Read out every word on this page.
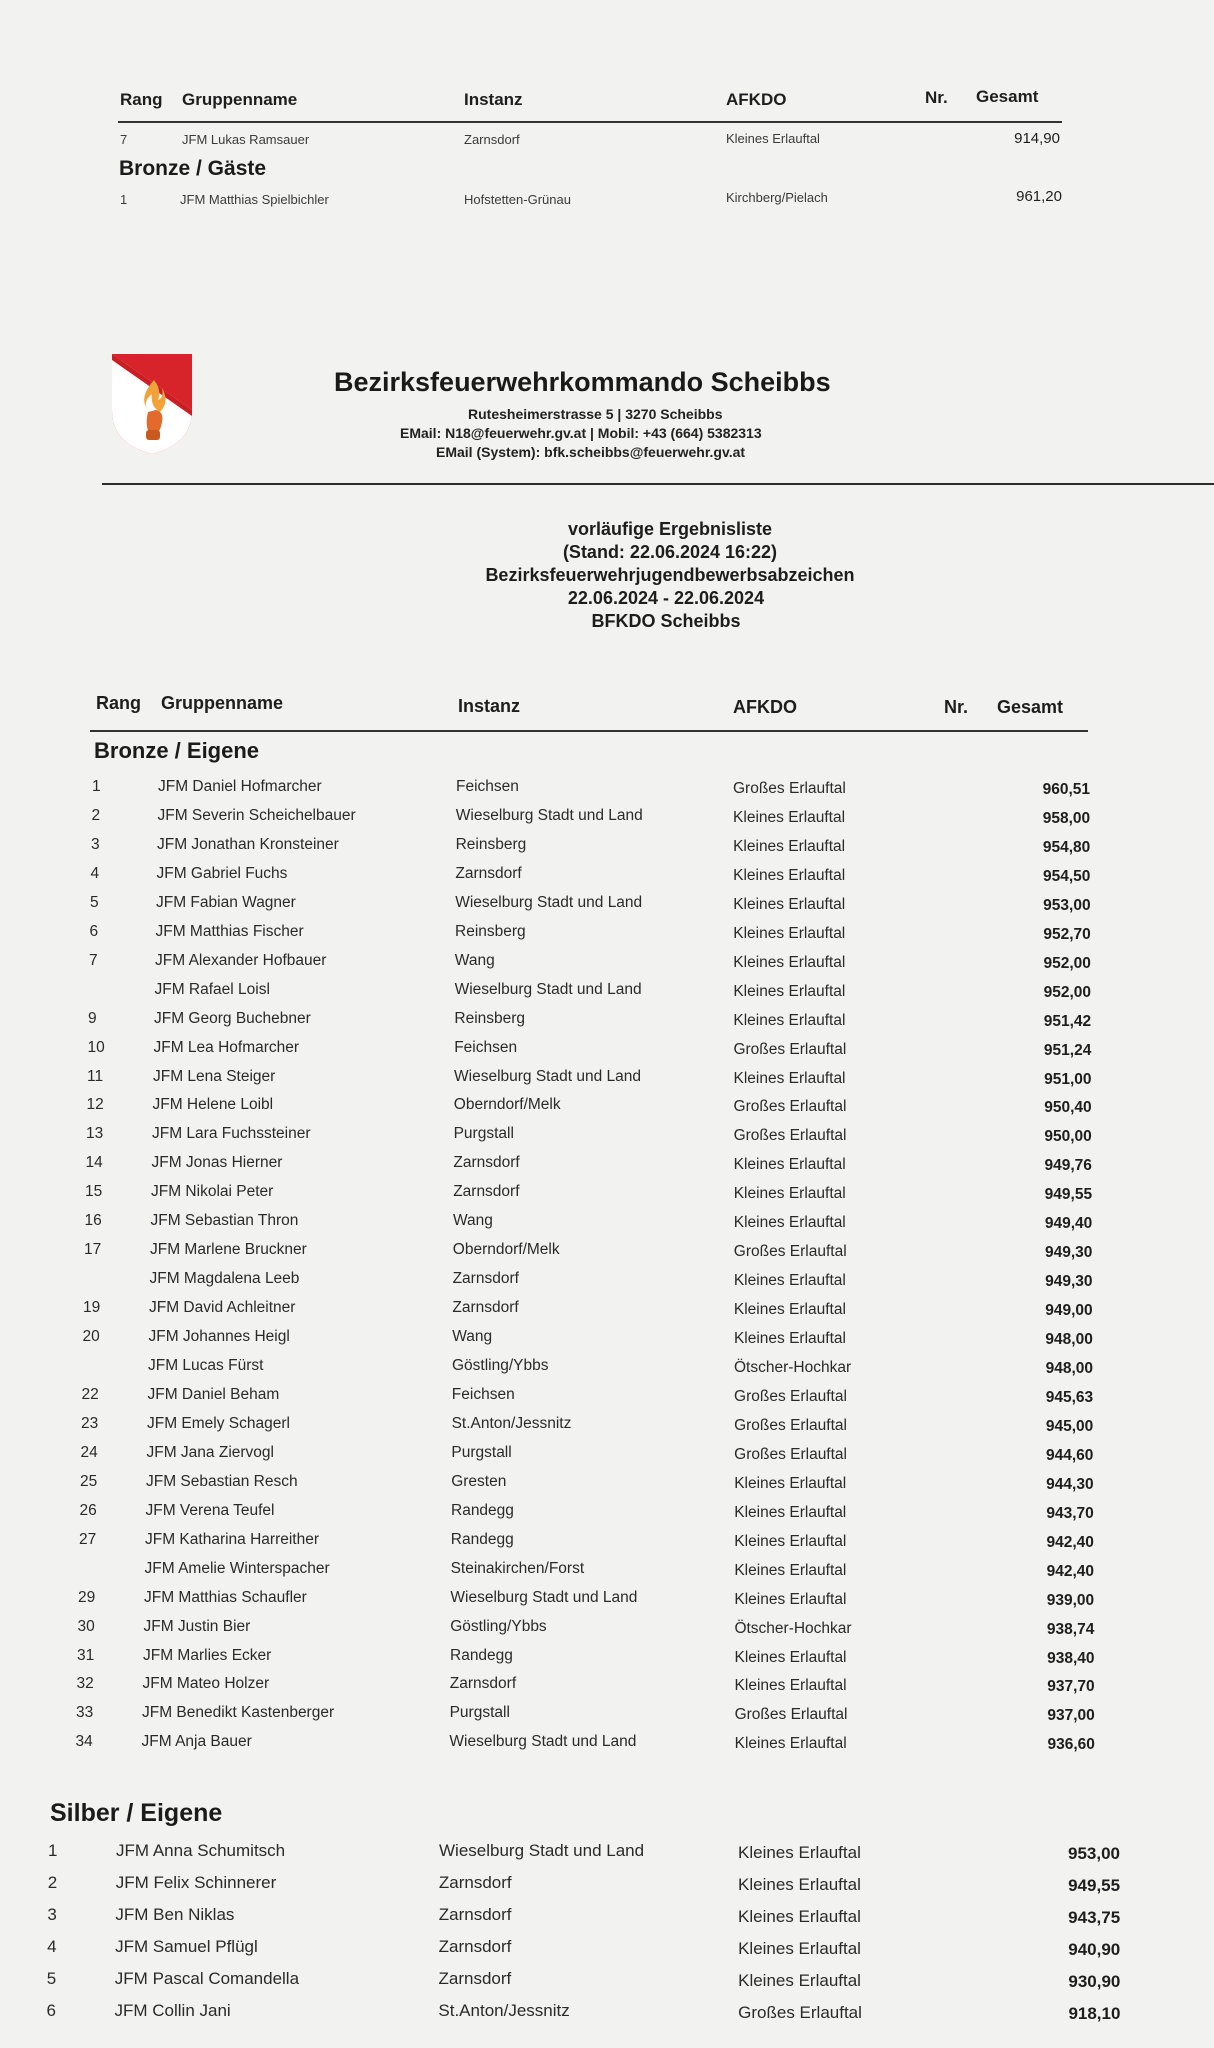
Rang Gruppenname	Instanz	AFKDO	Nr. Gesamt
7	JFM Lukas Ramsauer	Zarnsdorf	Kleines Erlauftal	914,90
Bronze / Gäste
1	JFM Matthias Spielbichler	Hofstetten-Grünau	Kirchberg/Pielach	961,20
Bezirksfeuerwehrkommando Scheibbs
Rutesheimerstrasse 5 | 3270 Scheibbs
EMail: N18@feuerwehr.gv.at | Mobil: +43 (664) 5382313
EMail (System): bfk.scheibbs@feuerwehr.gv.at
vorläufige Ergebnisliste
(Stand: 22.06.2024 16:22)
Bezirksfeuerwehrjugendbewerbsabzeichen
22.06.2024 - 22.06.2024
BFKDO Scheibbs
Rang Gruppenname	Instanz	AFKDO	Nr. Gesamt
Bronze / Eigene
1	JFM Daniel Hofmarcher	Feichsen	Großes Erlauftal	960,51
2	JFM Severin Scheichelbauer	Wieselburg Stadt und Land	Kleines Erlauftal	958,00
3	JFM Jonathan Kronsteiner	Reinsberg	Kleines Erlauftal	954,80
4	JFM Gabriel Fuchs	Zarnsdorf	Kleines Erlauftal	954,50
5	JFM Fabian Wagner	Wieselburg Stadt und Land	Kleines Erlauftal	953,00
6	JFM Matthias Fischer	Reinsberg	Kleines Erlauftal	952,70
7	JFM Alexander Hofbauer	Wang	Kleines Erlauftal	952,00
JFM Rafael Loisl	Wieselburg Stadt und Land	Kleines Erlauftal	952,00
9	JFM Georg Buchebner	Reinsberg	Kleines Erlauftal	951,42
10	JFM Lea Hofmarcher	Feichsen	Großes Erlauftal	951,24
11	JFM Lena Steiger	Wieselburg Stadt und Land	Kleines Erlauftal	951,00
12	JFM Helene Loibl	Oberndorf/Melk	Großes Erlauftal	950,40
13	JFM Lara Fuchssteiner	Purgstall	Großes Erlauftal	950,00
14	JFM Jonas Hierner	Zarnsdorf	Kleines Erlauftal	949,76
15	JFM Nikolai Peter	Zarnsdorf	Kleines Erlauftal	949,55
16	JFM Sebastian Thron	Wang	Kleines Erlauftal	949,40
17	JFM Marlene Bruckner	Oberndorf/Melk	Großes Erlauftal	949,30
JFM Magdalena Leeb	Zarnsdorf	Kleines Erlauftal	949,30
19	JFM David Achleitner	Zarnsdorf	Kleines Erlauftal	949,00
20	JFM Johannes Heigl	Wang	Kleines Erlauftal	948,00
JFM Lucas Fürst	Göstling/Ybbs	Ötscher-Hochkar	948,00
22	JFM Daniel Beham	Feichsen	Großes Erlauftal	945,63
23	JFM Emely Schagerl	St.Anton/Jessnitz	Großes Erlauftal	945,00
24	JFM Jana Ziervogl	Purgstall	Großes Erlauftal	944,60
25	JFM Sebastian Resch	Gresten	Kleines Erlauftal	944,30
26	JFM Verena Teufel	Randegg	Kleines Erlauftal	943,70
27	JFM Katharina Harreither	Randegg	Kleines Erlauftal	942,40
JFM Amelie Winterspacher	Steinakirchen/Forst	Kleines Erlauftal	942,40
29	JFM Matthias Schaufler	Wieselburg Stadt und Land	Kleines Erlauftal	939,00
30	JFM Justin Bier	Göstling/Ybbs	Ötscher-Hochkar	938,74
31	JFM Marlies Ecker	Randegg	Kleines Erlauftal	938,40
32	JFM Mateo Holzer	Zarnsdorf	Kleines Erlauftal	937,70
33	JFM Benedikt Kastenberger	Purgstall	Großes Erlauftal	937,00
34	JFM Anja Bauer	Wieselburg Stadt und Land	Kleines Erlauftal	936,60
Silber / Eigene
1	JFM Anna Schumitsch	Wieselburg Stadt und Land	Kleines Erlauftal	953,00
2	JFM Felix Schinnerer	Zarnsdorf	Kleines Erlauftal	949,55
3	JFM Ben Niklas	Zarnsdorf	Kleines Erlauftal	943,75
4	JFM Samuel Pflügl	Zarnsdorf	Kleines Erlauftal	940,90
5	JFM Pascal Comandella	Zarnsdorf	Kleines Erlauftal	930,90
6	JFM Collin Jani	St.Anton/Jessnitz	Großes Erlauftal	918,10
